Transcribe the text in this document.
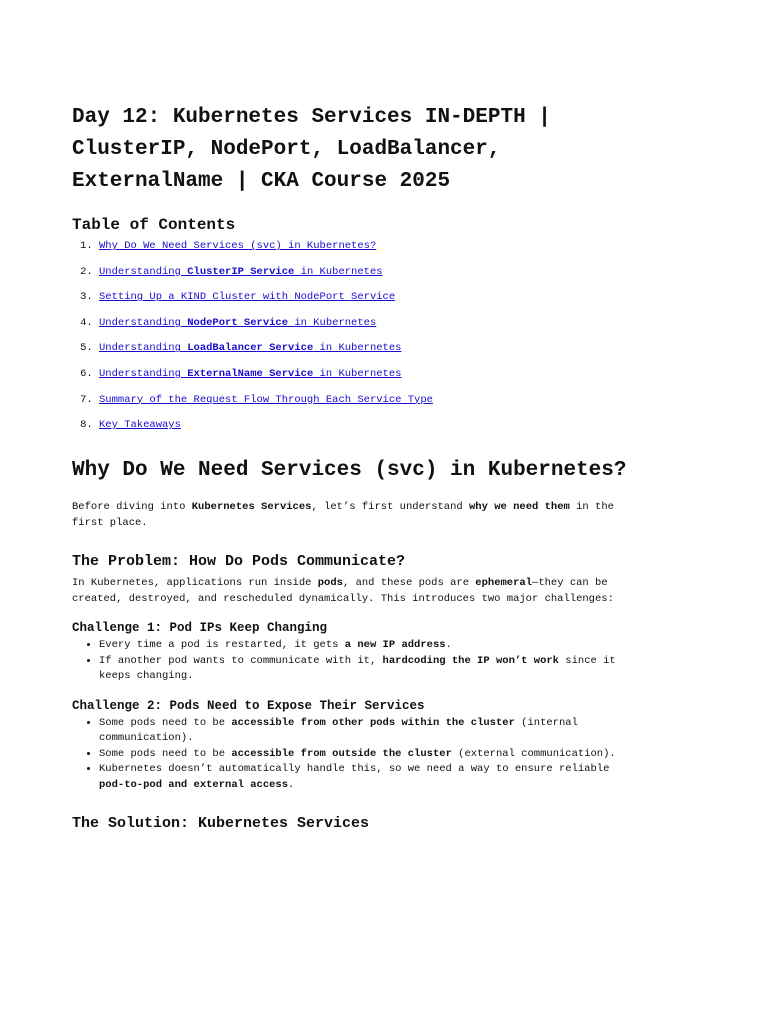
Day 12: Kubernetes Services IN-DEPTH | ClusterIP, NodePort, LoadBalancer, ExternalName | CKA Course 2025
Table of Contents
1. Why Do We Need Services (svc) in Kubernetes?
2. Understanding ClusterIP Service in Kubernetes
3. Setting Up a KIND Cluster with NodePort Service
4. Understanding NodePort Service in Kubernetes
5. Understanding LoadBalancer Service in Kubernetes
6. Understanding ExternalName Service in Kubernetes
7. Summary of the Request Flow Through Each Service Type
8. Key Takeaways
Why Do We Need Services (svc) in Kubernetes?

Before diving into Kubernetes Services, let’s first understand why we need them in the first place.

The Problem: How Do Pods Communicate?

In Kubernetes, applications run inside pods, and these pods are ephemeral—they can be created, destroyed, and rescheduled dynamically. This introduces two major challenges:

Challenge 1: Pod IPs Keep Changing
• Every time a pod is restarted, it gets a new IP address.
• If another pod wants to communicate with it, hardcoding the IP won’t work since it keeps changing.
Challenge 2: Pods Need to Expose Their Services
• Some pods need to be accessible from other pods within the cluster (internal communication).
• Some pods need to be accessible from outside the cluster (external communication).
• Kubernetes doesn’t automatically handle this, so we need a way to ensure reliable pod-to-pod and external access.
The Solution: Kubernetes Services
